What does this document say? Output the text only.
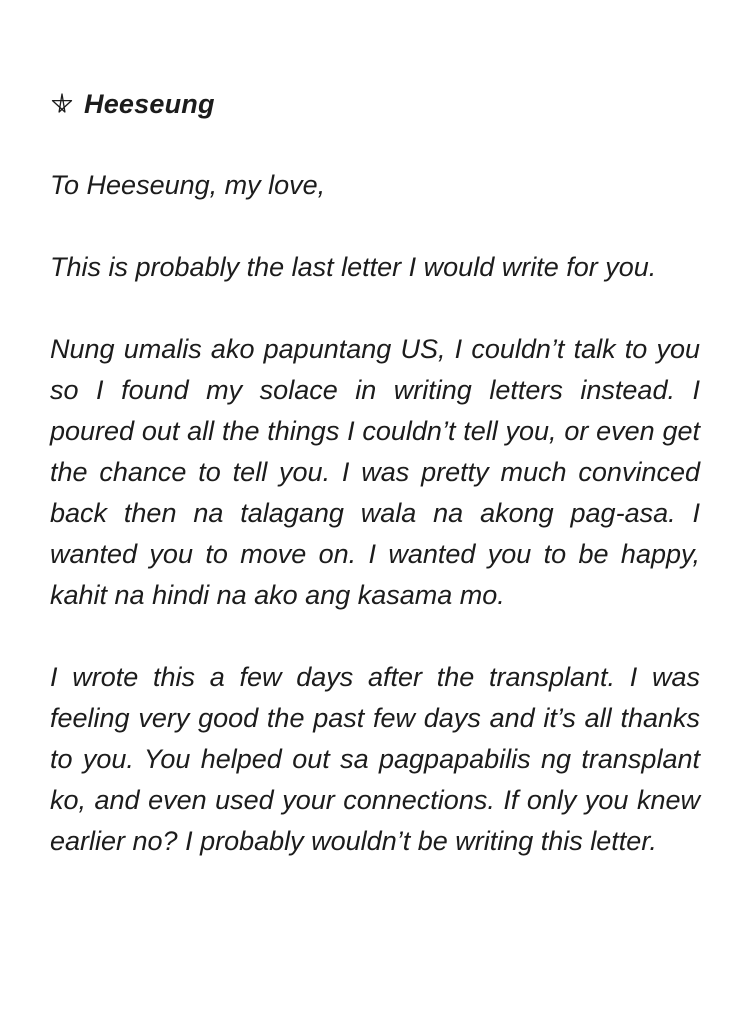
Heeseung

To Heeseung, my love,

This is probably the last letter I would write for you.

Nung umalis ako papuntang US, I couldn’t talk to you so I found my solace in writing letters instead. I poured out all the things I couldn’t tell you, or even get the chance to tell you. I was pretty much convinced back then na talagang wala na akong pag-asa. I wanted you to move on. I wanted you to be happy, kahit na hindi na ako ang kasama mo.

I wrote this a few days after the transplant. I was feeling very good the past few days and it’s all thanks to you. You helped out sa pagpapabilis ng transplant ko, and even used your connections. If only you knew earlier no? I probably wouldn’t be writing this letter.
